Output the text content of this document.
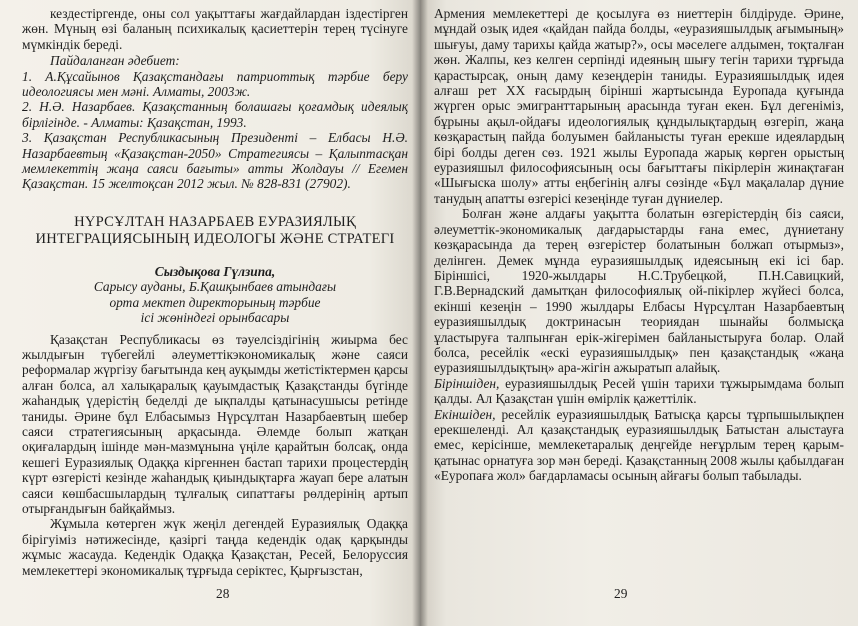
кездестіргенде, оны сол уақыттағы жағдайлардан іздестірген жөн. Мүның өзі баланың психикалық қасиеттерін терең түсінуге мүмкіндік береді.

Пайдаланған әдебиет:

1. А.Құсайынов Қазақстандағы патриоттық тәрбие беру идеологиясы мен мәні. Алматы, 2003ж.

2. Н.Ә. Назарбаев. Қазақстанның болашағы қоғамдық идеялық бірлігінде. - Алматы: Қазақстан, 1993.

3. Қазақстан Республикасының Президенті – Елбасы Н.Ә. Назарбаевтың «Қазақстан-2050» Стратегиясы – Қалыптасқан мемлекеттің жаңа саяси бағыты» атты Жолдауы // Егемен Қазақстан. 15 желтоқсан 2012 жыл. № 828-831 (27902).

НҮРСҰЛТАН НАЗАРБАЕВ ЕУРАЗИЯЛЫҚ
ИНТЕГРАЦИЯСЫНЫҢ ИДЕОЛОГЫ ЖӘНЕ СТРАТЕГІ

Сыздықова Гүлзипа,

Сарысу ауданы, Б.Қашқынбаев атындағы

орта мектеп директорының тәрбие

ісі жөніндегі орынбасары

Қазақстан Республикасы өз тәуелсіздігінің жиырма бес жылдығын түбегейлі әлеуметтікэкономикалық және саяси реформалар жүргізу бағытында кең ауқымды жетістіктермен қарсы алған болса, ал халықаралық қауымдастық Қазақстанды бүгінде жаһандық үдерістің беделді де ықпалды қатынасушысы ретінде таниды. Әрине бұл Елбасымыз Нүрсұлтан Назарбаевтың шебер саяси стратегиясының арқасында. Әлемде болып жатқан оқиғалардың ішінде мән-мазмұнына үңіле қарайтын болсақ, онда кешегі Еуразиялық Одаққа кіргеннен бастап тарихи процестердің күрт өзгерісті кезінде жаһандық қиындықтарға жауап бере алатын саяси көшбасшылардың тұлғалық сипаттағы рөлдерінің артып отырғандығын байқаймыз.

Жұмыла көтерген жүк жеңіл дегендей Еуразиялық Одаққа бірігуіміз нәтижесінде, қазіргі таңда кедендік одақ қарқынды жұмыс жасауда. Кедендік Одаққа Қазақстан, Ресей, Белоруссия мемлекеттері экономикалық тұрғыда серіктес, Қырғызстан,

28

Армения мемлекеттері де қосылуға өз ниеттерін білдіруде. Әрине, мұндай озық идея «қайдан пайда болды, «еуразияшылдық ағымының» шығуы, даму тарихы қайда жатыр?», осы мәселеге алдымен, тоқталған жөн. Жалпы, кез келген серпінді идеяның шығу тегін тарихи тұрғыда қарастырсақ, оның даму кезеңдерін таниды. Еуразияшылдық идея алғаш рет XX ғасырдың бірінші жартысында Еуропада қуғында жүрген орыс эмигранттарының арасында туған екен. Бұл дегеніміз, бұрыны ақыл-ойдағы идеологиялық құндылықтардың өзгеріп, жаңа көзқарастың пайда болуымен байланысты туған ерекше идеялардың бірі болды деген сөз. 1921 жылы Еуропада жарық көрген орыстың еуразияшыл философиясының осы бағыттағы пікірлерін жинақтаған «Шығыска шолу» атты еңбегінің алғы сөзінде «Бұл мақалалар дүние танудың апатты өзгерісі кезеңінде туған дүниелер.

Болған және алдағы уақытта болатын өзгерістердің біз саяси, әлеуметтік-экономикалық дағдарыстарды ғана емес, дүниетану көзқарасында да терең өзгерістер болатынын болжап отырмыз», делінген. Демек мұнда еуразияшылдық идеясының екі ісі бар. Біріншісі, 1920-жылдары Н.С.Трубецкой, П.Н.Савицкий, Г.В.Вернадский дамытқан философиялық ой-пікірлер жүйесі болса, екінші кезеңін – 1990 жылдары Елбасы Нүрсұлтан Назарбаевтың еуразияшылдық доктринасын теориядан шынайы болмысқа ұластыруға талпынған ерік-жігерімен байланыстыруға болар. Олай болса, ресейлік «ескі еуразияшылдық» пен қазақстандық «жаңа еуразияшылдықтың» ара-жігін ажыратып алайық.

Біріншіден, еуразияшылдық Ресей үшін тарихи тұжырымдама болып қалды. Ал Қазақстан үшін өмірлік қажеттілік.

Екіншіден, ресейлік еуразияшылдық Батысқа қарсы тұрпышылықпен ерекшеленді. Ал қазақстандық еуразияшылдық Батыстан алыстауға емес, керісінше, мемлекетаралық деңгейде неғұрлым терең қарым-қатынас орнатуға зор мән береді. Қазақстанның 2008 жылы қабылдаған «Еуропаға жол» бағдарламасы осының айғағы болып табылады.

29
